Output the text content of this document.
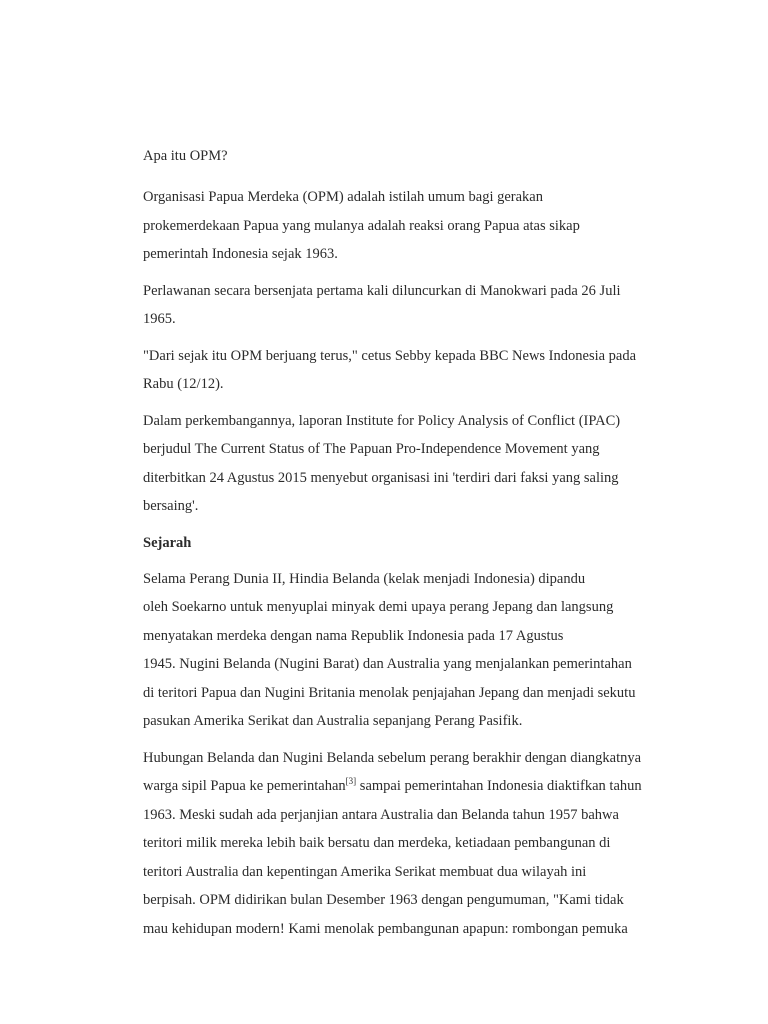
Apa itu OPM?

Organisasi Papua Merdeka (OPM) adalah istilah umum bagi gerakan
prokemerdekaan Papua yang mulanya adalah reaksi orang Papua atas sikap
pemerintah Indonesia sejak 1963.

Perlawanan secara bersenjata pertama kali diluncurkan di Manokwari pada 26 Juli
1965.

"Dari sejak itu OPM berjuang terus," cetus Sebby kepada BBC News Indonesia pada
Rabu (12/12).

Dalam perkembangannya, laporan Institute for Policy Analysis of Conflict (IPAC)
berjudul The Current Status of The Papuan Pro-Independence Movement yang
diterbitkan 24 Agustus 2015 menyebut organisasi ini 'terdiri dari faksi yang saling
bersaing'.

Sejarah

Selama Perang Dunia II, Hindia Belanda (kelak menjadi Indonesia) dipandu
oleh Soekarno untuk menyuplai minyak demi upaya perang Jepang dan langsung
menyatakan merdeka dengan nama Republik Indonesia pada 17 Agustus
1945. Nugini Belanda (Nugini Barat) dan Australia yang menjalankan pemerintahan
di teritori Papua dan Nugini Britania menolak penjajahan Jepang dan menjadi sekutu
pasukan Amerika Serikat dan Australia sepanjang Perang Pasifik.

Hubungan Belanda dan Nugini Belanda sebelum perang berakhir dengan diangkatnya
warga sipil Papua ke pemerintahan[3] sampai pemerintahan Indonesia diaktifkan tahun
1963. Meski sudah ada perjanjian antara Australia dan Belanda tahun 1957 bahwa
teritori milik mereka lebih baik bersatu dan merdeka, ketiadaan pembangunan di
teritori Australia dan kepentingan Amerika Serikat membuat dua wilayah ini
berpisah. OPM didirikan bulan Desember 1963 dengan pengumuman, "Kami tidak
mau kehidupan modern! Kami menolak pembangunan apapun: rombongan pemuka
